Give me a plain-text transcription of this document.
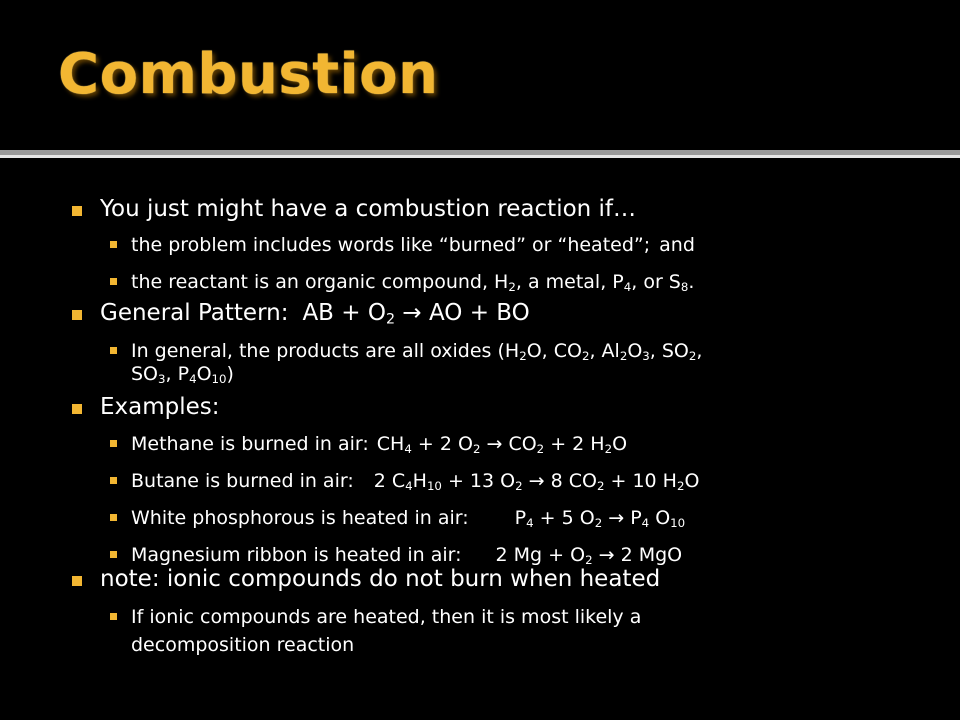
Combustion
You just might have a combustion reaction if…
the problem includes words like “burned” or “heated”; and
the reactant is an organic compound, $H_2$, a metal, $P_4$, or $S_8$.
General Pattern: AB + $O_2$ → AO + BO
In general, the products are all oxides ($H_2O$, $CO_2$, $Al_2O_3$, $SO_2$,
$SO_3$, $P_4O_{10}$)
Examples:
Methane is burned in air: $CH_4 + 2$ $O_2 \to CO_2 + 2$ $H_2O$
Butane is burned in air: 2 $C_4H_{10} + 13$ $O_2 \to 8$ $CO_2 + 10$ $H_2O$
White phosphorous is heated in air: $P_4 + 5$ $O_2 \to P_4$ $O_{10}$
Magnesium ribbon is heated in air: 2 $Mg + O_2 \to 2$ MgO
note: ionic compounds do not burn when heated
If ionic compounds are heated, then it is most likely a
decomposition reaction
